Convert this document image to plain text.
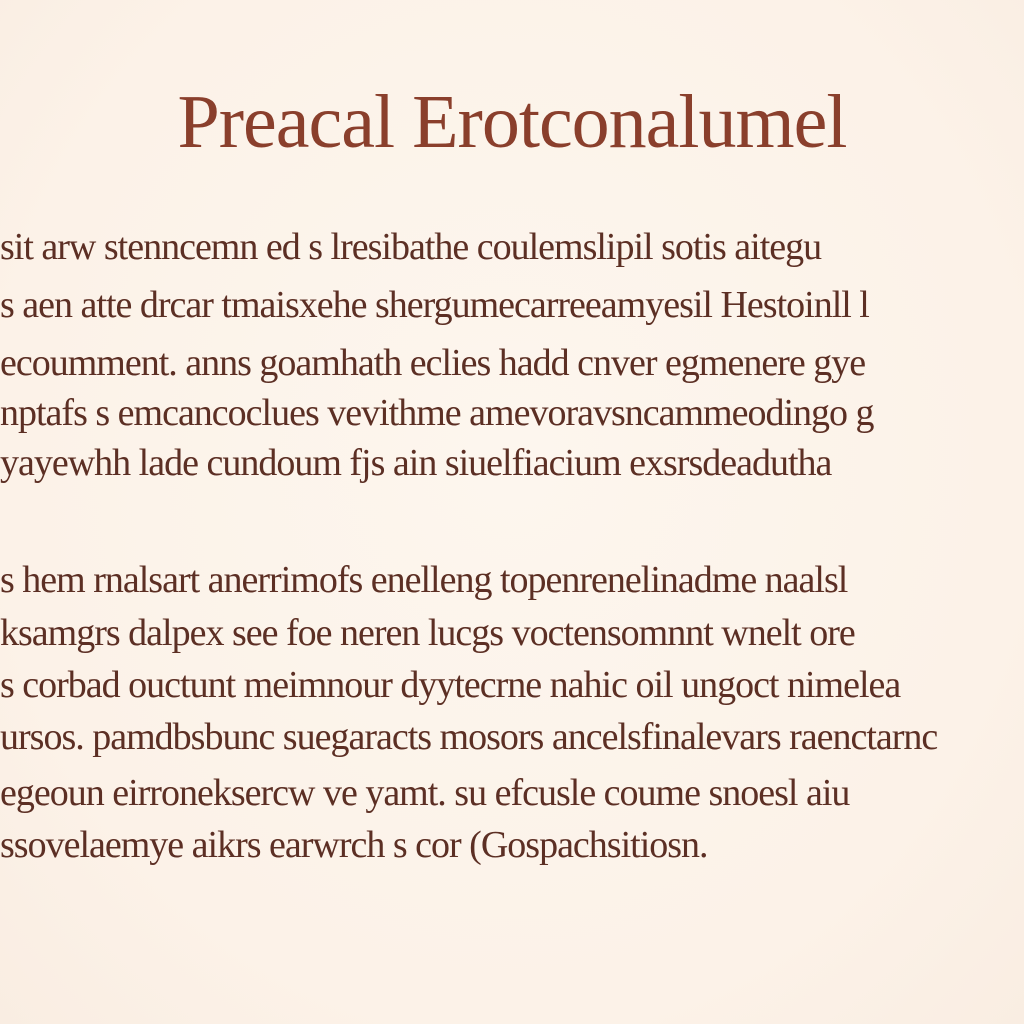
Preacal Erotconalumel
sit arw stenncemn ed s lresibathe coulemslipil sotis aitegu
s aen atte drcar tmaisxehe shergumecarreeamyesil Hestoinll l
ecoumment. anns goamhath eclies hadd cnver egmenere gye
nptafs s emcancoclues vevithme amevoravsncammeodingo g
yayewhh lade cundoum fjs ain siuelfiacium exsrsdeadutha
s hem rnalsart anerrimofs enelleng topenrenelinadme naalsl
ksamgrs dalpex see foe neren lucgs voctensomnnt wnelt ore
s corbad ouctunt meimnour dyytecrne nahic oil ungoct nimelea
ursos. pamdbsbunc suegaracts mosors ancelsfinalevars raenctarnc
egeoun eirroneksercw ve yamt. su efcusle coume snoesl aiu
ssovelaemye aikrs earwrch s cor (Gospachsitiosn.
